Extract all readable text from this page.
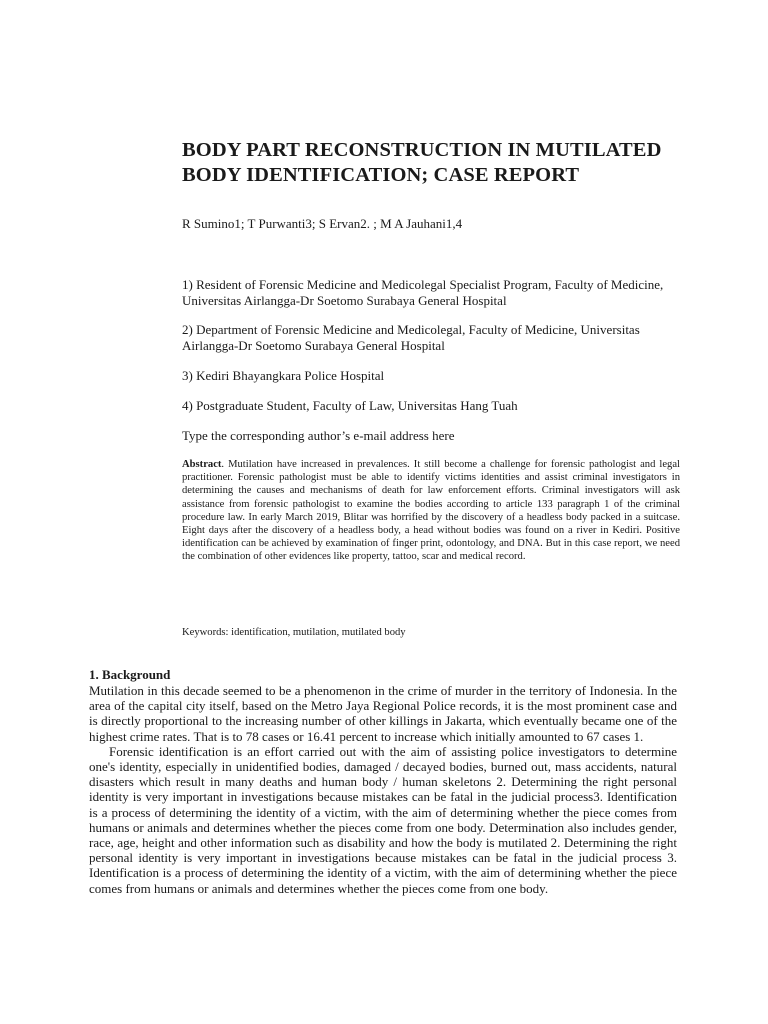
BODY PART RECONSTRUCTION IN MUTILATED BODY IDENTIFICATION; CASE REPORT

R Sumino1; T Purwanti3; S Ervan2. ; M A Jauhani1,4

1) Resident of Forensic Medicine and Medicolegal Specialist Program, Faculty of Medicine, Universitas Airlangga-Dr Soetomo Surabaya General Hospital

2) Department of Forensic Medicine and Medicolegal, Faculty of Medicine, Universitas Airlangga-Dr Soetomo Surabaya General Hospital

3) Kediri Bhayangkara Police Hospital

4) Postgraduate Student, Faculty of Law, Universitas Hang Tuah

Type the corresponding author’s e-mail address here

Abstract. Mutilation have increased in prevalences. It still become a challenge for forensic pathologist and legal practitioner. Forensic pathologist must be able to identify victims identities and assist criminal investigators in determining the causes and mechanisms of death for law enforcement efforts. Criminal investigators will ask assistance from forensic pathologist to examine the bodies according to article 133 paragraph 1 of the criminal procedure law. In early March 2019, Blitar was horrified by the discovery of a headless body packed in a suitcase. Eight days after the discovery of a headless body, a head without bodies was found on a river in Kediri. Positive identification can be achieved by examination of finger print, odontology, and DNA. But in this case report, we need the combination of other evidences like property, tattoo, scar and medical record.

Keywords: identification, mutilation, mutilated body

1. Background

Mutilation in this decade seemed to be a phenomenon in the crime of murder in the territory of Indonesia. In the area of the capital city itself, based on the Metro Jaya Regional Police records, it is the most prominent case and is directly proportional to the increasing number of other killings in Jakarta, which eventually became one of the highest crime rates. That is to 78 cases or 16.41 percent to increase which initially amounted to 67 cases 1.

Forensic identification is an effort carried out with the aim of assisting police investigators to determine one's identity, especially in unidentified bodies, damaged / decayed bodies, burned out, mass accidents, natural disasters which result in many deaths and human body / human skeletons 2. Determining the right personal identity is very important in investigations because mistakes can be fatal in the judicial process3. Identification is a process of determining the identity of a victim, with the aim of determining whether the piece comes from humans or animals and determines whether the pieces come from one body. Determination also includes gender, race, age, height and other information such as disability and how the body is mutilated 2. Determining the right personal identity is very important in investigations because mistakes can be fatal in the judicial process 3. Identification is a process of determining the identity of a victim, with the aim of determining whether the piece comes from humans or animals and determines whether the pieces come from one body.
